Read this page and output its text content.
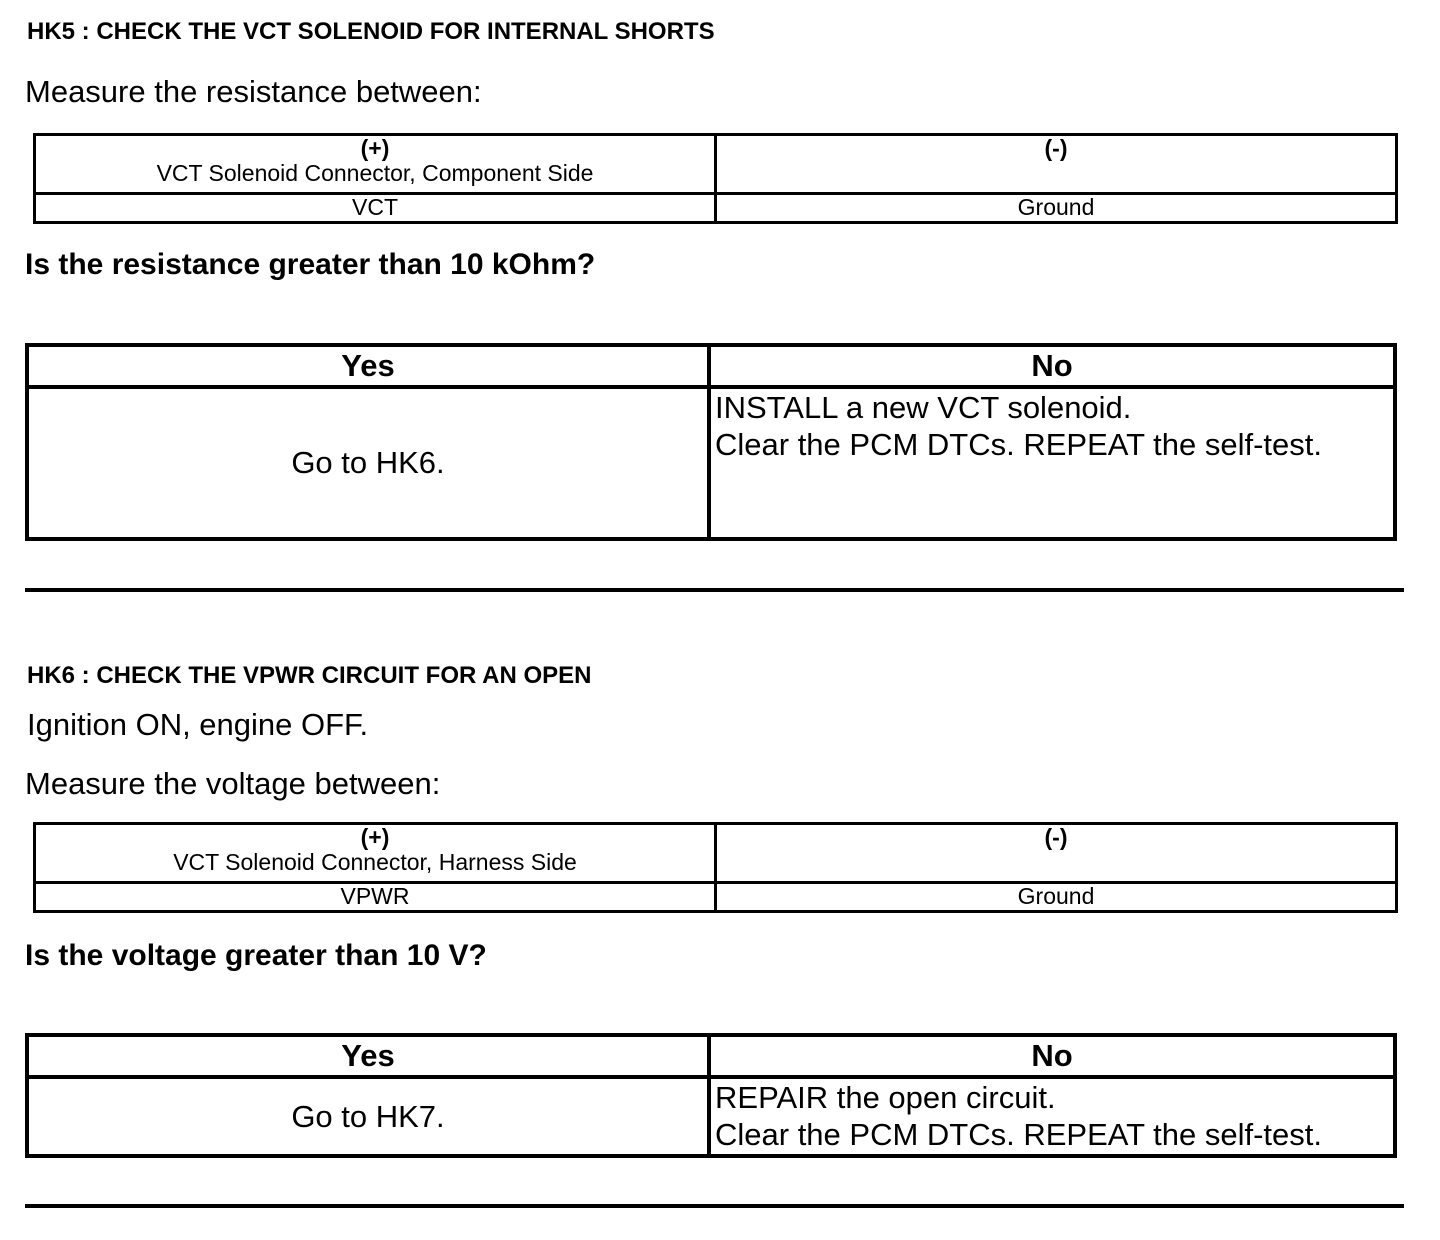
HK5 : CHECK THE VCT SOLENOID FOR INTERNAL SHORTS
Measure the resistance between:
(+)
VCT Solenoid Connector, Component Side	(-)

VCT	Ground
Is the resistance greater than 10 kOhm?
Yes	No
Go to HK6.	INSTALL a new VCT solenoid.
Clear the PCM DTCs. REPEAT the self-test.
HK6 : CHECK THE VPWR CIRCUIT FOR AN OPEN
Ignition ON, engine OFF.
Measure the voltage between:
(+)
VCT Solenoid Connector, Harness Side	(-)

VPWR	Ground
Is the voltage greater than 10 V?
Yes	No
Go to HK7.	REPAIR the open circuit.
Clear the PCM DTCs. REPEAT the self-test.
